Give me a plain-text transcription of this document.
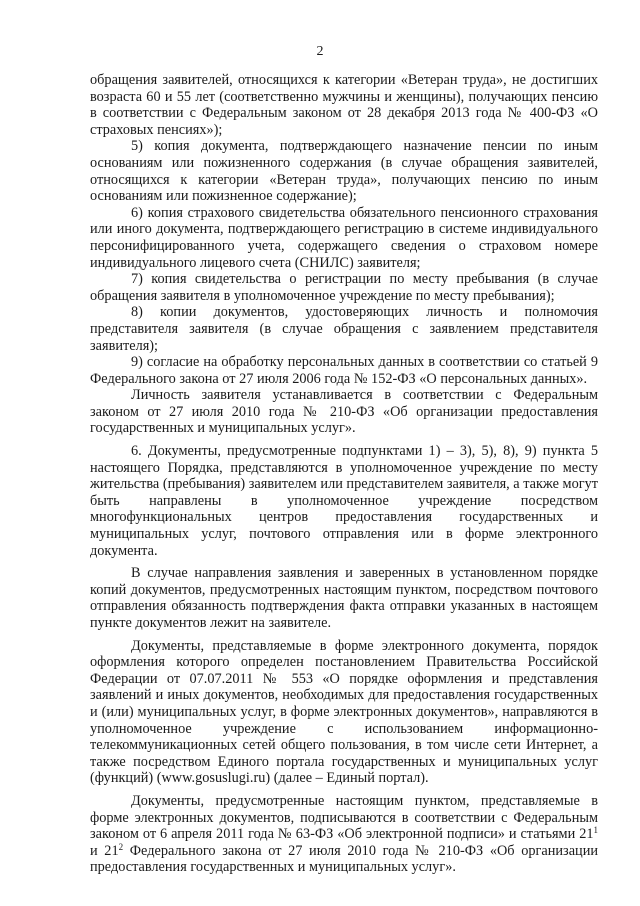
2

обращения заявителей, относящихся к категории «Ветеран труда», не достигших возраста 60 и 55 лет (соответственно мужчины и женщины), получающих пенсию в соответствии с Федеральным законом от 28 декабря 2013 года № 400-ФЗ «О страховых пенсиях»);

5) копия документа, подтверждающего назначение пенсии по иным основаниям или пожизненного содержания (в случае обращения заявителей, относящихся к категории «Ветеран труда», получающих пенсию по иным основаниям или пожизненное содержание);

6) копия страхового свидетельства обязательного пенсионного страхования или иного документа, подтверждающего регистрацию в системе индивидуального персонифицированного учета, содержащего сведения о страховом номере индивидуального лицевого счета (СНИЛС) заявителя;

7) копия свидетельства о регистрации по месту пребывания (в случае обращения заявителя в уполномоченное учреждение по месту пребывания);

8) копии документов, удостоверяющих личность и полномочия представителя заявителя (в случае обращения с заявлением представителя заявителя);

9) согласие на обработку персональных данных в соответствии со статьей 9 Федерального закона от 27 июля 2006 года № 152-ФЗ «О персональных данных».

Личность заявителя устанавливается в соответствии с Федеральным законом от 27 июля 2010 года № 210-ФЗ «Об организации предоставления государственных и муниципальных услуг».

6. Документы, предусмотренные подпунктами 1) – 3), 5), 8), 9) пункта 5 настоящего Порядка, представляются в уполномоченное учреждение по месту жительства (пребывания) заявителем или представителем заявителя, а также могут быть направлены в уполномоченное учреждение посредством многофункциональных центров предоставления государственных и муниципальных услуг, почтового отправления или в форме электронного документа.

В случае направления заявления и заверенных в установленном порядке копий документов, предусмотренных настоящим пунктом, посредством почтового отправления обязанность подтверждения факта отправки указанных в настоящем пункте документов лежит на заявителе.

Документы, представляемые в форме электронного документа, порядок оформления которого определен постановлением Правительства Российской Федерации от 07.07.2011 № 553 «О порядке оформления и представления заявлений и иных документов, необходимых для предоставления государственных и (или) муниципальных услуг, в форме электронных документов», направляются в уполномоченное учреждение с использованием информационно-телекоммуникационных сетей общего пользования, в том числе сети Интернет, а также посредством Единого портала государственных и муниципальных услуг (функций) (www.gosuslugi.ru) (далее – Единый портал).

Документы, предусмотренные настоящим пунктом, представляемые в форме электронных документов, подписываются в соответствии с Федеральным законом от 6 апреля 2011 года № 63-ФЗ «Об электронной подписи» и статьями $21^1$ и $21^2$ Федерального закона от 27 июля 2010 года № 210-ФЗ «Об организации предоставления государственных и муниципальных услуг».
